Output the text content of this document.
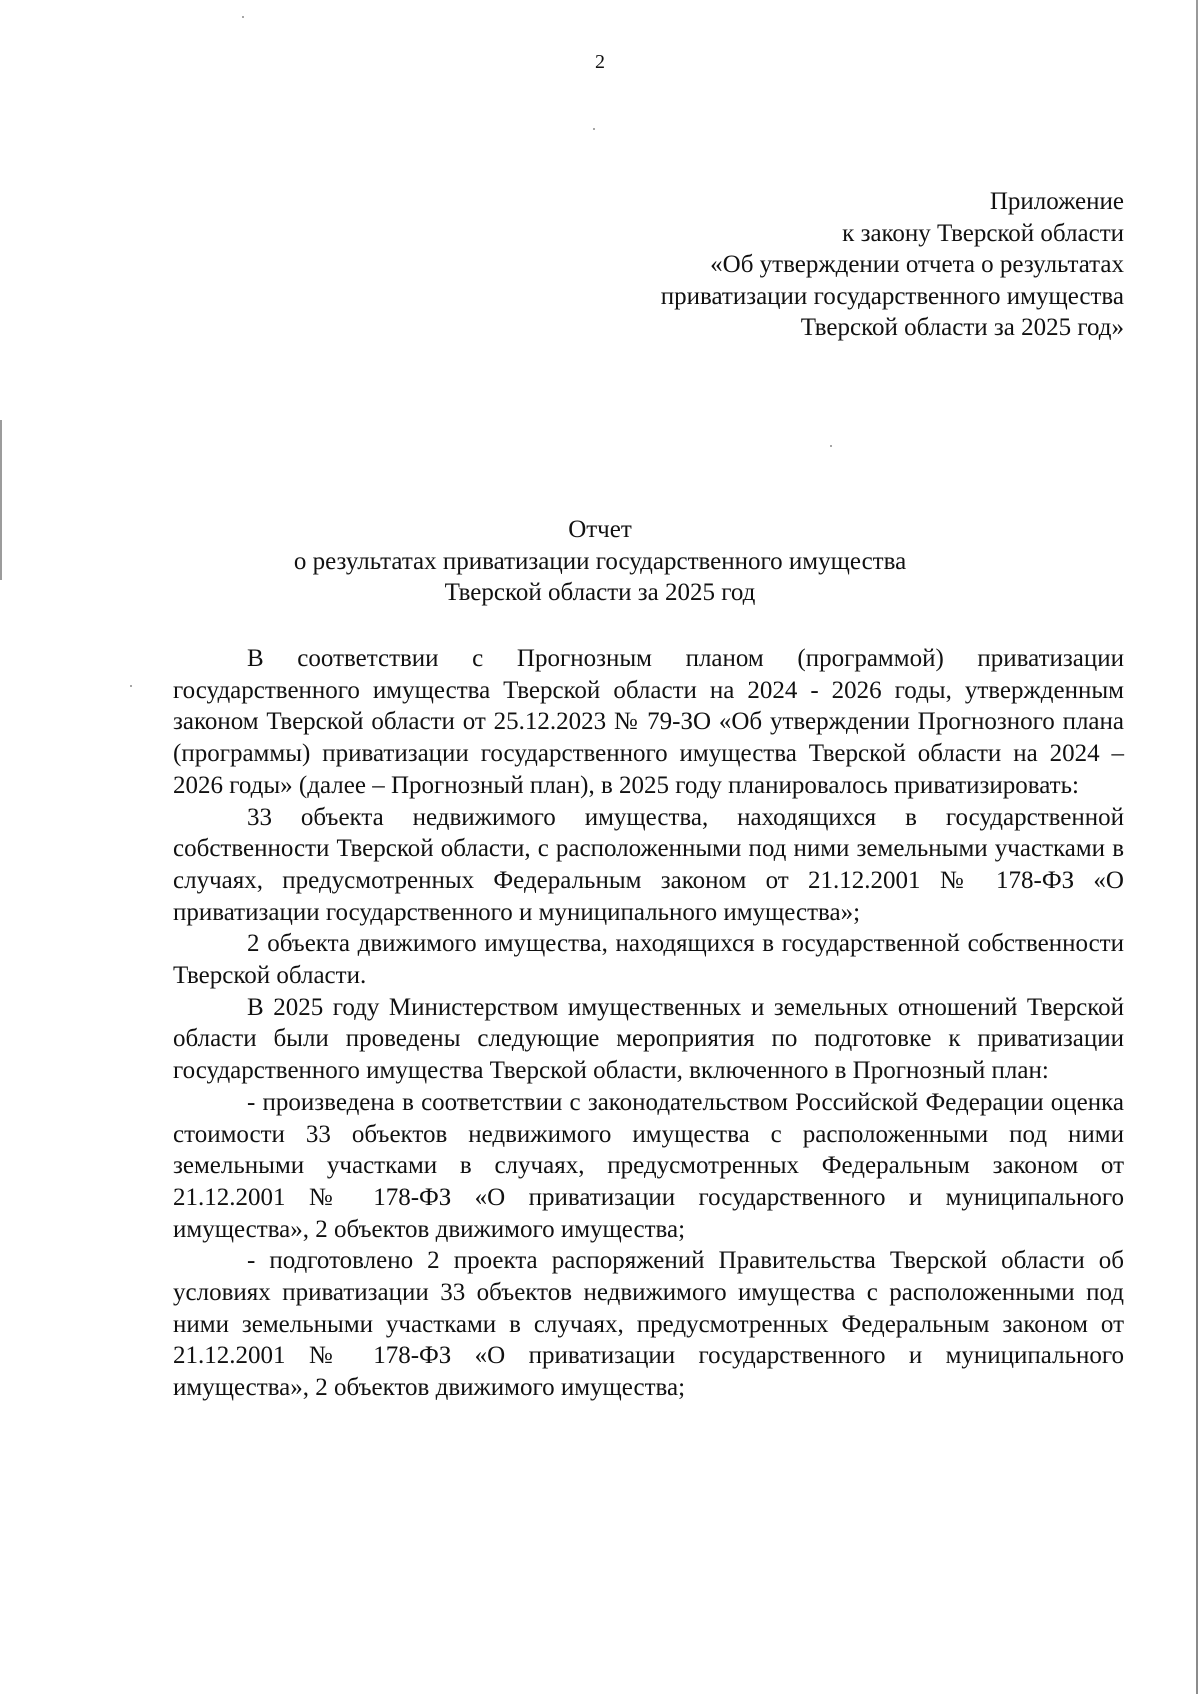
2
Приложение
к закону Тверской области
«Об утверждении отчета о результатах
приватизации государственного имущества
Тверской области за 2025 год»
Отчет
о результатах приватизации государственного имущества
Тверской области за 2025 год

В соответствии с Прогнозным планом (программой) приватизации государственного имущества Тверской области на 2024 - 2026 годы, утвержденным законом Тверской области от 25.12.2023 № 79-ЗО «Об утверждении Прогнозного плана (программы) приватизации государственного имущества Тверской области на 2024 – 2026 годы» (далее – Прогнозный план), в 2025 году планировалось приватизировать:

33 объекта недвижимого имущества, находящихся в государственной собственности Тверской области, с расположенными под ними земельными участками в случаях, предусмотренных Федеральным законом от 21.12.2001 № 178-ФЗ «О приватизации государственного и муниципального имущества»;

2 объекта движимого имущества, находящихся в государственной собственности Тверской области.

В 2025 году Министерством имущественных и земельных отношений Тверской области были проведены следующие мероприятия по подготовке к приватизации государственного имущества Тверской области, включенного в Прогнозный план:

- произведена в соответствии с законодательством Российской Федерации оценка стоимости 33 объектов недвижимого имущества с расположенными под ними земельными участками в случаях, предусмотренных Федеральным законом от 21.12.2001 № 178-ФЗ «О приватизации государственного и муниципального имущества», 2 объектов движимого имущества;

- подготовлено 2 проекта распоряжений Правительства Тверской области об условиях приватизации 33 объектов недвижимого имущества с расположенными под ними земельными участками в случаях, предусмотренных Федеральным законом от 21.12.2001 № 178-ФЗ «О приватизации государственного и муниципального имущества», 2 объектов движимого имущества;
